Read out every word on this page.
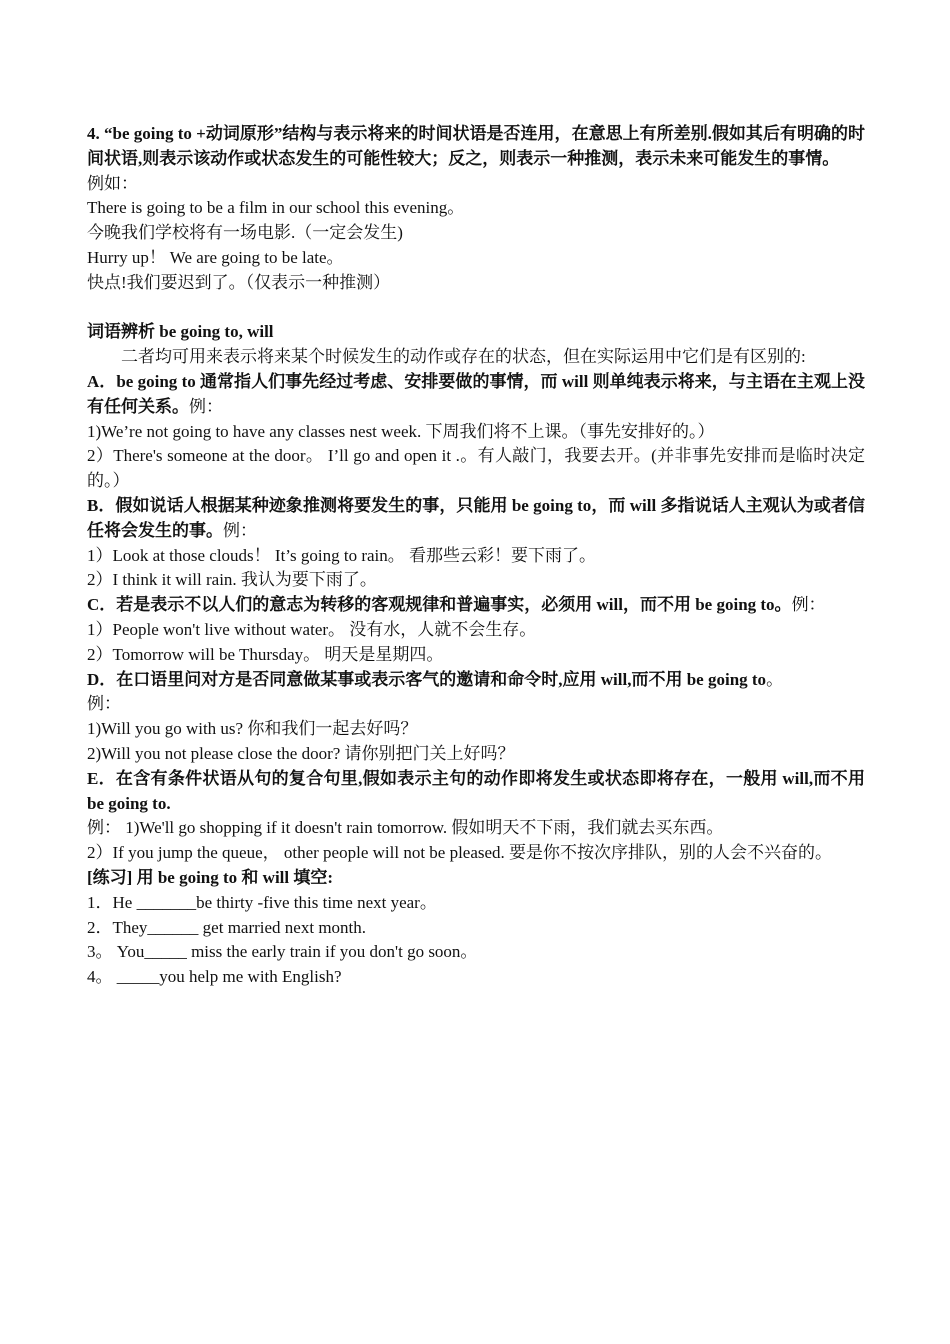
4. “be going to +动词原形”结构与表示将来的时间状语是否连用，在意思上有所差别.假如其后有明确的时间状语,则表示该动作或状态发生的可能性较大；反之，则表示一种推测，表示未来可能发生的事情。
例如：
There is going to be a film in our school this evening。
今晚我们学校将有一场电影.（一定会发生)
Hurry up！ We are going to be late。
快点!我们要迟到了。（仅表示一种推测）
词语辨析 be going to, will
二者均可用来表示将来某个时候发生的动作或存在的状态，但在实际运用中它们是有区别的:
A．be going to 通常指人们事先经过考虑、安排要做的事情，而 will 则单纯表示将来，与主语在主观上没有任何关系。例：
1)We’re not going to have any classes nest week. 下周我们将不上课。（事先安排好的。）
2）There's someone at the door。 I’ll go and open it .。有人敲门，我要去开。(并非事先安排而是临时决定的。）
B．假如说话人根据某种迹象推测将要发生的事，只能用 be going to，而 will 多指说话人主观认为或者信任将会发生的事。例：
1）Look at those clouds！ It’s going to rain。 看那些云彩！要下雨了。
2）I think it will rain. 我认为要下雨了。
C．若是表示不以人们的意志为转移的客观规律和普遍事实，必须用 will，而不用 be going to。例：
1）People won't live without water。 没有水，人就不会生存。
2）Tomorrow will be Thursday。 明天是星期四。
D．在口语里问对方是否同意做某事或表示客气的邀请和命令时,应用 will,而不用 be going to。
例：
1)Will you go with us? 你和我们一起去好吗？
2)Will you not please close the door? 请你别把门关上好吗？
E．在含有条件状语从句的复合句里,假如表示主句的动作即将发生或状态即将存在，一般用 will,而不用 be going to.
例： 1)We'll go shopping if it doesn't rain tomorrow. 假如明天不下雨，我们就去买东西。
2）If you jump the queue， other people will not be pleased. 要是你不按次序排队，别的人会不兴奋的。
[练习] 用 be going to 和 will 填空:
1．He _______be thirty -five this time next year。
2．They______ get married next month.
3。 You_____ miss the early train if you don't go soon。
4。 _____you help me with English?
